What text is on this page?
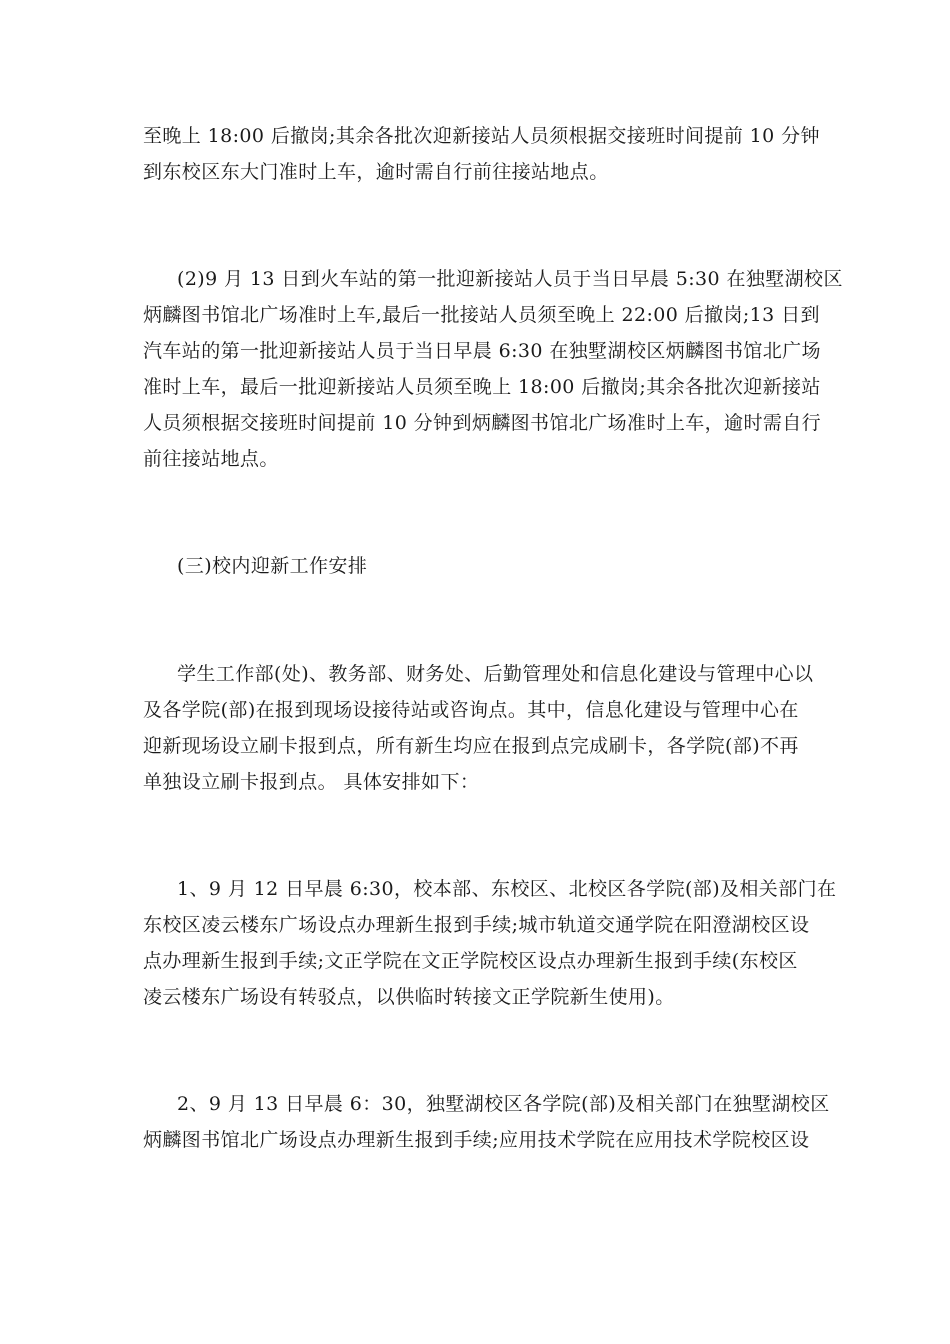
至晚上 18:00 后撤岗;其余各批次迎新接站人员须根据交接班时间提前 10 分钟
到东校区东大门准时上车，逾时需自行前往接站地点。

(2)9 月 13 日到火车站的第一批迎新接站人员于当日早晨 5:30 在独墅湖校区
炳麟图书馆北广场准时上车,最后一批接站人员须至晚上 22:00 后撤岗;13 日到
汽车站的第一批迎新接站人员于当日早晨 6:30 在独墅湖校区炳麟图书馆北广场
准时上车，最后一批迎新接站人员须至晚上 18:00 后撤岗;其余各批次迎新接站
人员须根据交接班时间提前 10 分钟到炳麟图书馆北广场准时上车，逾时需自行
前往接站地点。

(三)校内迎新工作安排

学生工作部(处)、教务部、财务处、后勤管理处和信息化建设与管理中心以
及各学院(部)在报到现场设接待站或咨询点。其中，信息化建设与管理中心在
迎新现场设立刷卡报到点，所有新生均应在报到点完成刷卡，各学院(部)不再
单独设立刷卡报到点。 具体安排如下：

1、9 月 12 日早晨 6:30，校本部、东校区、北校区各学院(部)及相关部门在
东校区凌云楼东广场设点办理新生报到手续;城市轨道交通学院在阳澄湖校区设
点办理新生报到手续;文正学院在文正学院校区设点办理新生报到手续(东校区
凌云楼东广场设有转驳点，以供临时转接文正学院新生使用)。

2、9 月 13 日早晨 6：30，独墅湖校区各学院(部)及相关部门在独墅湖校区
炳麟图书馆北广场设点办理新生报到手续;应用技术学院在应用技术学院校区设
